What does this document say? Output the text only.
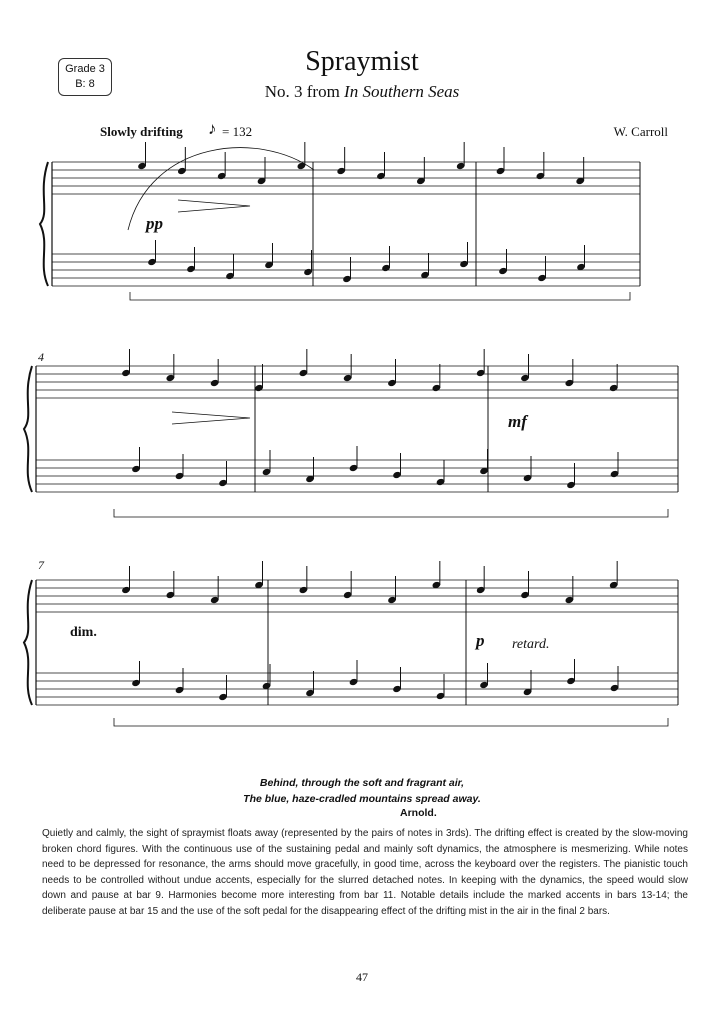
Grade 3
B: 8
Spraymist
No. 3 from In Southern Seas
Slowly drifting ♪ = 132	W. Carroll
4
7
pp
mf
dim.	p retard.
Behind, through the soft and fragrant air,
The blue, haze-cradled mountains spread away.
Arnold.
Quietly and calmly, the sight of spraymist floats away (represented by the pairs of notes in 3rds). The drifting effect is created by the slow-moving broken chord figures. With the continuous use of the sustaining pedal and mainly soft dynamics, the atmosphere is mesmerizing. While notes need to be depressed for resonance, the arms should move gracefully, in good time, across the keyboard over the registers. The pianistic touch needs to be controlled without undue accents, especially for the slurred detached notes. In keeping with the dynamics, the speed would slow down and pause at bar 9. Harmonies become more interesting from bar 11. Notable details include the marked accents in bars 13-14; the deliberate pause at bar 15 and the use of the soft pedal for the disappearing effect of the drifting mist in the air in the final 2 bars.
47
